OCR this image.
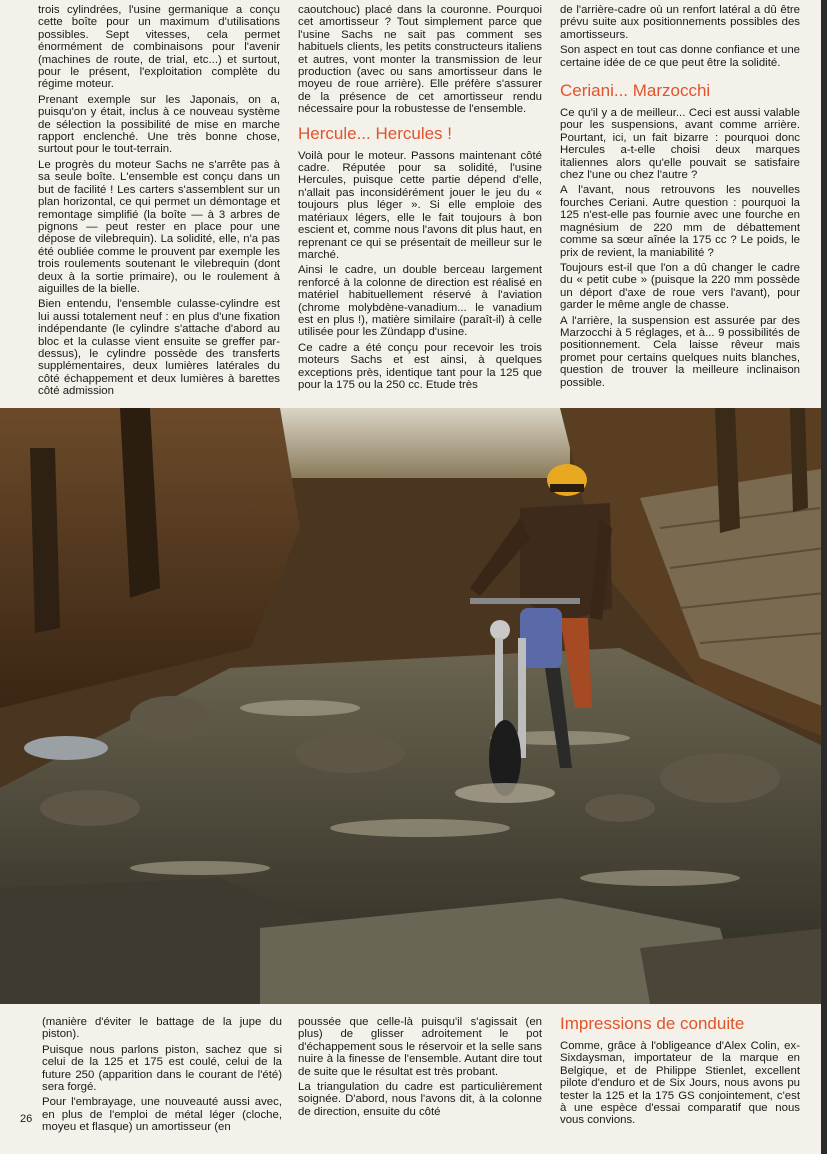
trois cylindrées, l'usine germanique a conçu cette boîte pour un maximum d'utilisations possibles. Sept vitesses, cela permet énormément de combinaisons pour l'avenir (machines de route, de trial, etc...) et surtout, pour le présent, l'exploitation complète du régime moteur.

Prenant exemple sur les Japonais, on a, puisqu'on y était, inclus à ce nouveau système de sélection la possibilité de mise en marche rapport enclenché. Une très bonne chose, surtout pour le tout-terrain.

Le progrès du moteur Sachs ne s'arrête pas à sa seule boîte. L'ensemble est conçu dans un but de facilité ! Les carters s'assemblent sur un plan horizontal, ce qui permet un démontage et remontage simplifié (la boîte — à 3 arbres de pignons — peut rester en place pour une dépose de vilebrequin). La solidité, elle, n'a pas été oubliée comme le prouvent par exemple les trois roulements soutenant le vilebrequin (dont deux à la sortie primaire), ou le roulement à aiguilles de la bielle.

Bien entendu, l'ensemble culasse-cylindre est lui aussi totalement neuf : en plus d'une fixation indépendante (le cylindre s'attache d'abord au bloc et la culasse vient ensuite se greffer par-dessus), le cylindre possède des transferts supplémentaires, deux lumières latérales du côté échappement et deux lumières à barettes côté admission

caoutchouc) placé dans la couronne. Pourquoi cet amortisseur ? Tout simplement parce que l'usine Sachs ne sait pas comment ses habituels clients, les petits constructeurs italiens et autres, vont monter la transmission de leur production (avec ou sans amortisseur dans le moyeu de roue arrière). Elle préfère s'assurer de la présence de cet amortisseur rendu nécessaire pour la robustesse de l'ensemble.

Hercule... Hercules !

Voilà pour le moteur. Passons maintenant côté cadre. Réputée pour sa solidité, l'usine Hercules, puisque cette partie dépend d'elle, n'allait pas inconsidérément jouer le jeu du « toujours plus léger ». Si elle emploie des matériaux légers, elle le fait toujours à bon escient et, comme nous l'avons dit plus haut, en reprenant ce qui se présentait de meilleur sur le marché.

Ainsi le cadre, un double berceau largement renforcé à la colonne de direction est réalisé en matériel habituellement réservé à l'aviation (chrome molybdène-vanadium... le vanadium est en plus !), matière similaire (paraît-il) à celle utilisée pour les Zündapp d'usine.

Ce cadre a été conçu pour recevoir les trois moteurs Sachs et est ainsi, à quelques exceptions près, identique tant pour la 125 que pour la 175 ou la 250 cc. Etude très

de l'arrière-cadre où un renfort latéral a dû être prévu suite aux positionnements possibles des amortisseurs.

Son aspect en tout cas donne confiance et une certaine idée de ce que peut être la solidité.

Ceriani... Marzocchi

Ce qu'il y a de meilleur... Ceci est aussi valable pour les suspensions, avant comme arrière. Pourtant, ici, un fait bizarre : pourquoi donc Hercules a-t-elle choisi deux marques italiennes alors qu'elle pouvait se satisfaire chez l'une ou chez l'autre ?

A l'avant, nous retrouvons les nouvelles fourches Ceriani. Autre question : pourquoi la 125 n'est-elle pas fournie avec une fourche en magnésium de 220 mm de débattement comme sa sœur aînée la 175 cc ? Le poids, le prix de revient, la maniabilité ?

Toujours est-il que l'on a dû changer le cadre du « petit cube » (puisque la 220 mm possède un déport d'axe de roue vers l'avant), pour garder le même angle de chasse.

A l'arrière, la suspension est assurée par des Marzocchi à 5 réglages, et à... 9 possibilités de positionnement. Cela laisse rêveur mais promet pour certains quelques nuits blanches, question de trouver la meilleure inclinaison possible.

(manière d'éviter le battage de la jupe du piston).

Puisque nous parlons piston, sachez que si celui de la 125 et 175 est coulé, celui de la future 250 (apparition dans le courant de l'été) sera forgé.

Pour l'embrayage, une nouveauté aussi avec, en plus de l'emploi de métal léger (cloche, moyeu et flasque) un amortisseur (en

poussée que celle-là puisqu'il s'agissait (en plus) de glisser adroitement le pot d'échappement sous le réservoir et la selle sans nuire à la finesse de l'ensemble. Autant dire tout de suite que le résultat est très probant.

La triangulation du cadre est particulièrement soignée. D'abord, nous l'avons dit, à la colonne de direction, ensuite du côté

Impressions de conduite

Comme, grâce à l'obligeance d'Alex Colin, ex-Sixdaysman, importateur de la marque en Belgique, et de Philippe Stienlet, excellent pilote d'enduro et de Six Jours, nous avons pu tester la 125 et la 175 GS conjointement, c'est à une espèce d'essai comparatif que nous vous convions.

26
